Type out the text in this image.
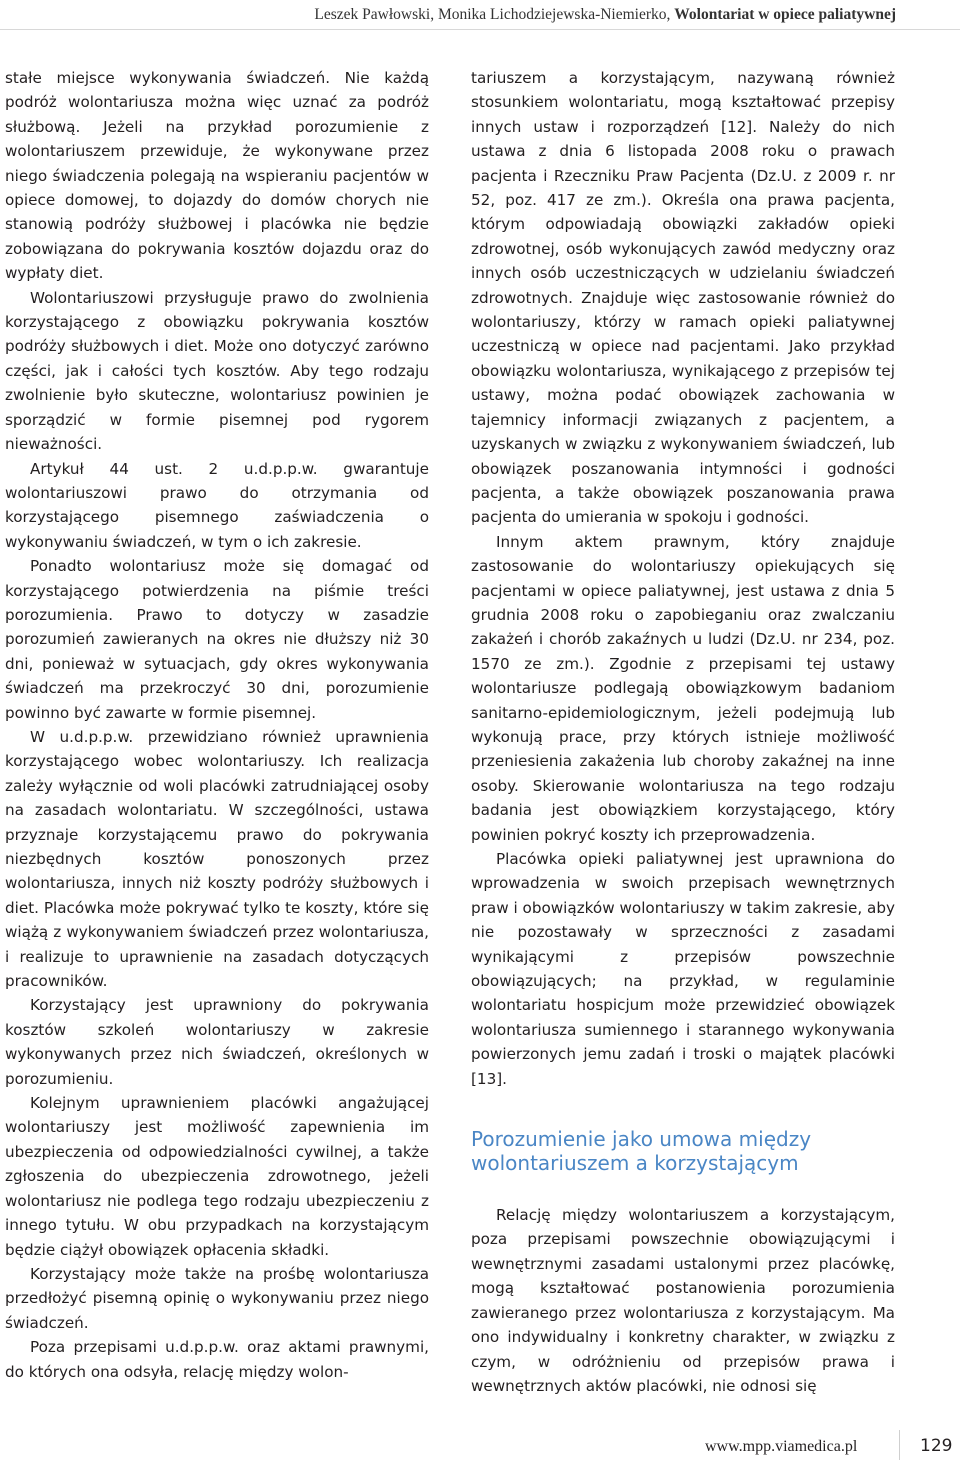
Leszek Pawłowski, Monika Lichodziejewska-Niemierko, Wolontariat w opiece paliatywnej

stałe miejsce wykonywania świadczeń. Nie każdą podróż wolontariusza można więc uznać za podróż służbową. Jeżeli na przykład porozumienie z wolontariuszem przewiduje, że wykonywane przez niego świadczenia polegają na wspieraniu pacjentów w opiece domowej, to dojazdy do domów chorych nie stanowią podróży służbowej i placówka nie będzie zobowiązana do pokrywania kosztów dojazdu oraz do wypłaty diet.

Wolontariuszowi przysługuje prawo do zwolnienia korzystającego z obowiązku pokrywania kosztów podróży służbowych i diet. Może ono dotyczyć zarówno części, jak i całości tych kosztów. Aby tego rodzaju zwolnienie było skuteczne, wolontariusz powinien je sporządzić w formie pisemnej pod rygorem nieważności.

Artykuł 44 ust. 2 u.d.p.p.w. gwarantuje wolontariuszowi prawo do otrzymania od korzystającego pisemnego zaświadczenia o wykonywaniu świadczeń, w tym o ich zakresie.

Ponadto wolontariusz może się domagać od korzystającego potwierdzenia na piśmie treści porozumienia. Prawo to dotyczy w zasadzie porozumień zawieranych na okres nie dłuższy niż 30 dni, ponieważ w sytuacjach, gdy okres wykonywania świadczeń ma przekroczyć 30 dni, porozumienie powinno być zawarte w formie pisemnej.

W u.d.p.p.w. przewidziano również uprawnienia korzystającego wobec wolontariuszy. Ich realizacja zależy wyłącznie od woli placówki zatrudniającej osoby na zasadach wolontariatu. W szczególności, ustawa przyznaje korzystającemu prawo do pokrywania niezbędnych kosztów ponoszonych przez wolontariusza, innych niż koszty podróży służbowych i diet. Placówka może pokrywać tylko te koszty, które się wiążą z wykonywaniem świadczeń przez wolontariusza, i realizuje to uprawnienie na zasadach dotyczących pracowników.

Korzystający jest uprawniony do pokrywania kosztów szkoleń wolontariuszy w zakresie wykonywanych przez nich świadczeń, określonych w porozumieniu.

Kolejnym uprawnieniem placówki angażującej wolontariuszy jest możliwość zapewnienia im ubezpieczenia od odpowiedzialności cywilnej, a także zgłoszenia do ubezpieczenia zdrowotnego, jeżeli wolontariusz nie podlega tego rodzaju ubezpieczeniu z innego tytułu. W obu przypadkach na korzystającym będzie ciążył obowiązek opłacenia składki.

Korzystający może także na prośbę wolontariusza przedłożyć pisemną opinię o wykonywaniu przez niego świadczeń.

Poza przepisami u.d.p.p.w. oraz aktami prawnymi, do których ona odsyła, relację między wolon-

tariuszem a korzystającym, nazywaną również stosunkiem wolontariatu, mogą kształtować przepisy innych ustaw i rozporządzeń [12]. Należy do nich ustawa z dnia 6 listopada 2008 roku o prawach pacjenta i Rzeczniku Praw Pacjenta (Dz.U. z 2009 r. nr 52, poz. 417 ze zm.). Określa ona prawa pacjenta, którym odpowiadają obowiązki zakładów opieki zdrowotnej, osób wykonujących zawód medyczny oraz innych osób uczestniczących w udzielaniu świadczeń zdrowotnych. Znajduje więc zastosowanie również do wolontariuszy, którzy w ramach opieki paliatywnej uczestniczą w opiece nad pacjentami. Jako przykład obowiązku wolontariusza, wynikającego z przepisów tej ustawy, można podać obowiązek zachowania w tajemnicy informacji związanych z pacjentem, a uzyskanych w związku z wykonywaniem świadczeń, lub obowiązek poszanowania intymności i godności pacjenta, a także obowiązek poszanowania prawa pacjenta do umierania w spokoju i godności.

Innym aktem prawnym, który znajduje zastosowanie do wolontariuszy opiekujących się pacjentami w opiece paliatywnej, jest ustawa z dnia 5 grudnia 2008 roku o zapobieganiu oraz zwalczaniu zakażeń i chorób zakaźnych u ludzi (Dz.U. nr 234, poz. 1570 ze zm.). Zgodnie z przepisami tej ustawy wolontariusze podlegają obowiązkowym badaniom sanitarno-epidemiologicznym, jeżeli podejmują lub wykonują prace, przy których istnieje możliwość przeniesienia zakażenia lub choroby zakaźnej na inne osoby. Skierowanie wolontariusza na tego rodzaju badania jest obowiązkiem korzystającego, który powinien pokryć koszty ich przeprowadzenia.

Placówka opieki paliatywnej jest uprawniona do wprowadzenia w swoich przepisach wewnętrznych praw i obowiązków wolontariuszy w takim zakresie, aby nie pozostawały w sprzeczności z zasadami wynikającymi z przepisów powszechnie obowiązujących; na przykład, w regulaminie wolontariatu hospicjum może przewidzieć obowiązek wolontariusza sumiennego i starannego wykonywania powierzonych jemu zadań i troski o majątek placówki [13].

Porozumienie jako umowa między wolontariuszem a korzystającym

Relację między wolontariuszem a korzystającym, poza przepisami powszechnie obowiązującymi i wewnętrznymi zasadami ustalonymi przez placówkę, mogą kształtować postanowienia porozumienia zawieranego przez wolontariusza z korzystającym. Ma ono indywidualny i konkretny charakter, w związku z czym, w odróżnieniu od przepisów prawa i wewnętrznych aktów placówki, nie odnosi się

www.mpp.viamedica.pl	129
